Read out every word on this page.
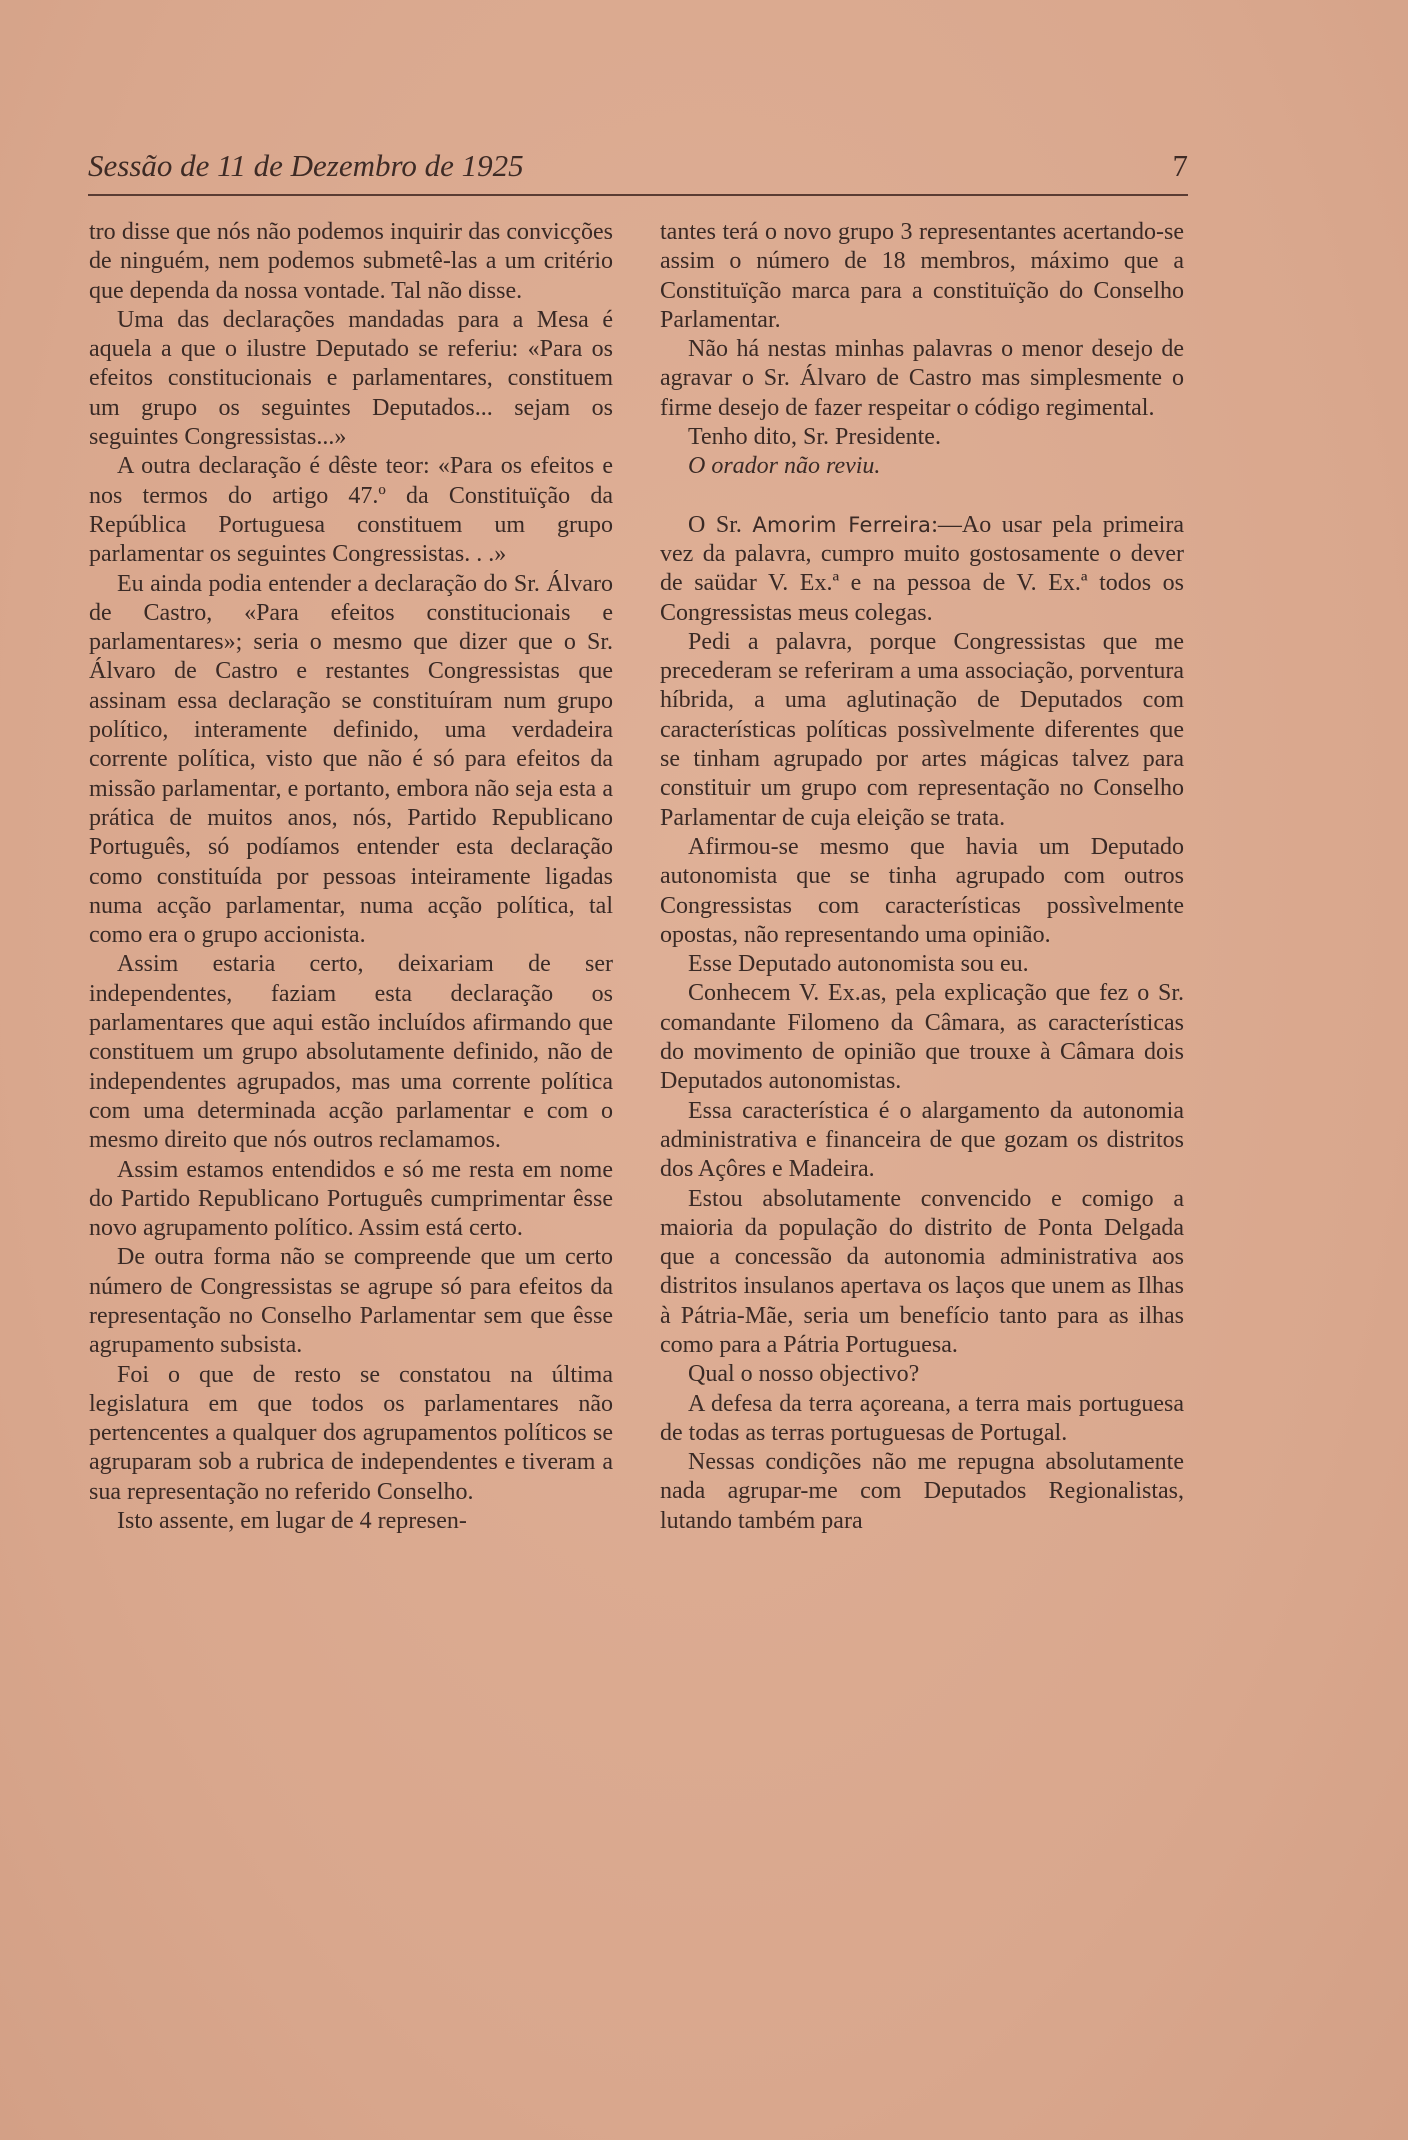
Sessão de 11 de Dezembro de 1925	7

tro disse que nós não podemos inquirir das convicções de ninguém, nem podemos submetê-las a um critério que dependa da nossa vontade. Tal não disse.

Uma das declarações mandadas para a Mesa é aquela a que o ilustre Deputado se referiu: «Para os efeitos constitucionais e parlamentares, constituem um grupo os seguintes Deputados... sejam os seguintes Congressistas...»

A outra declaração é dêste teor: «Para os efeitos e nos termos do artigo 47.º da Constituïção da República Portuguesa constituem um grupo parlamentar os seguintes Congressistas. . .»

Eu ainda podia entender a declaração do Sr. Álvaro de Castro, «Para efeitos constitucionais e parlamentares»; seria o mesmo que dizer que o Sr. Álvaro de Castro e restantes Congressistas que assinam essa declaração se constituíram num grupo político, interamente definido, uma verdadeira corrente política, visto que não é só para efeitos da missão parlamentar, e portanto, embora não seja esta a prática de muitos anos, nós, Partido Republicano Português, só podíamos entender esta declaração como constituída por pessoas inteiramente ligadas numa acção parlamentar, numa acção política, tal como era o grupo accionista.

Assim estaria certo, deixariam de ser independentes, faziam esta declaração os parlamentares que aqui estão incluídos afirmando que constituem um grupo absolutamente definido, não de independentes agrupados, mas uma corrente política com uma determinada acção parlamentar e com o mesmo direito que nós outros reclamamos.

Assim estamos entendidos e só me resta em nome do Partido Republicano Português cumprimentar êsse novo agrupamento político. Assim está certo.

De outra forma não se compreende que um certo número de Congressistas se agrupe só para efeitos da representação no Conselho Parlamentar sem que êsse agrupamento subsista.

Foi o que de resto se constatou na última legislatura em que todos os parlamentares não pertencentes a qualquer dos agrupamentos políticos se agruparam sob a rubrica de independentes e tiveram a sua representação no referido Conselho.

Isto assente, em lugar de 4 represen-

tantes terá o novo grupo 3 representantes acertando-se assim o número de 18 membros, máximo que a Constituïção marca para a constituïção do Conselho Parlamentar.

Não há nestas minhas palavras o menor desejo de agravar o Sr. Álvaro de Castro mas simplesmente o firme desejo de fazer respeitar o código regimental.

Tenho dito, Sr. Presidente.

O orador não reviu.

O Sr. Amorim Ferreira:—Ao usar pela primeira vez da palavra, cumpro muito gostosamente o dever de saüdar V. Ex.ª e na pessoa de V. Ex.ª todos os Congressistas meus colegas.

Pedi a palavra, porque Congressistas que me precederam se referiram a uma associação, porventura híbrida, a uma aglutinação de Deputados com características políticas possìvelmente diferentes que se tinham agrupado por artes mágicas talvez para constituir um grupo com representação no Conselho Parlamentar de cuja eleição se trata.

Afirmou-se mesmo que havia um Deputado autonomista que se tinha agrupado com outros Congressistas com características possìvelmente opostas, não representando uma opinião.

Esse Deputado autonomista sou eu.

Conhecem V. Ex.as, pela explicação que fez o Sr. comandante Filomeno da Câmara, as características do movimento de opinião que trouxe à Câmara dois Deputados autonomistas.

Essa característica é o alargamento da autonomia administrativa e financeira de que gozam os distritos dos Açôres e Madeira.

Estou absolutamente convencido e comigo a maioria da população do distrito de Ponta Delgada que a concessão da autonomia administrativa aos distritos insulanos apertava os laços que unem as Ilhas à Pátria-Mãe, seria um benefício tanto para as ilhas como para a Pátria Portuguesa.

Qual o nosso objectivo?

A defesa da terra açoreana, a terra mais portuguesa de todas as terras portuguesas de Portugal.

Nessas condições não me repugna absolutamente nada agrupar-me com Deputados Regionalistas, lutando também para
